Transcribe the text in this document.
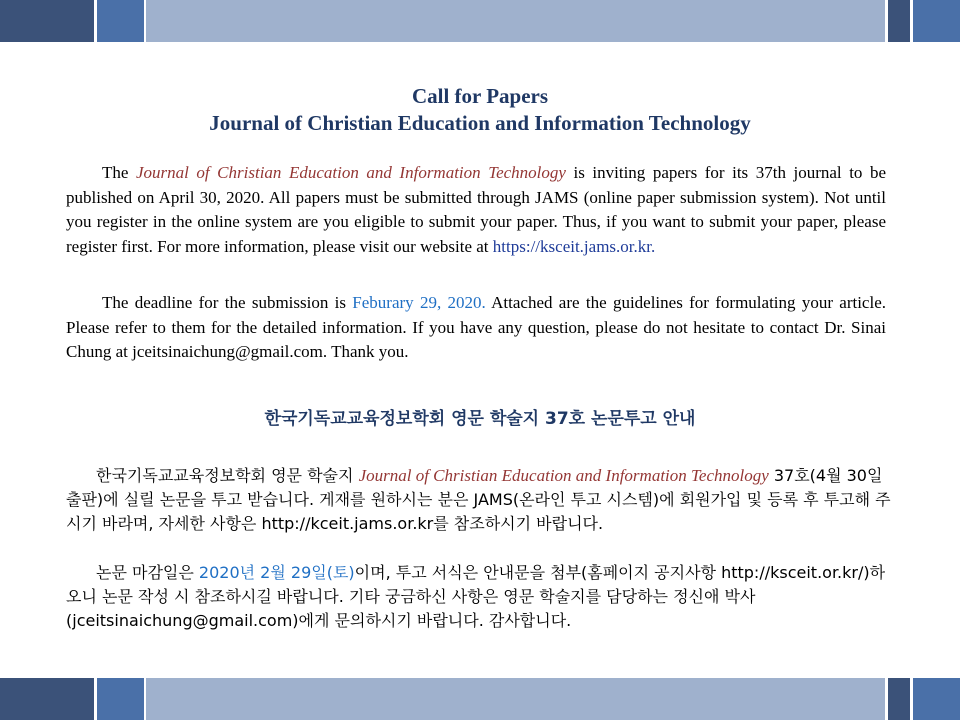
Call for Papers
Journal of Christian Education and Information Technology
The Journal of Christian Education and Information Technology is inviting papers for its 37th journal to be published on April 30, 2020. All papers must be submitted through JAMS (online paper submission system). Not until you register in the online system are you eligible to submit your paper. Thus, if you want to submit your paper, please register first. For more information, please visit our website at https://ksceit.jams.or.kr.
The deadline for the submission is Feburary 29, 2020. Attached are the guidelines for formulating your article. Please refer to them for the detailed information. If you have any question, please do not hesitate to contact Dr. Sinai Chung at jceitsinaichung@gmail.com. Thank you.
한국기독교교육정보학회 영문 학술지 37호 논문투고 안내
한국기독교교육정보학회 영문 학술지 Journal of Christian Education and Information Technology 37호(4월 30일 출판)에 실릴 논문을 투고 받습니다. 게재를 원하시는 분은 JAMS(온라인 투고 시스템)에 회원가입 및 등록 후 투고해 주시기 바라며, 자세한 사항은 http://kceit.jams.or.kr를 참조하시기 바랍니다.
논문 마감일은 2020년 2월 29일(토)이며, 투고 서식은 안내문을 첨부(홈페이지 공지사항 http://ksceit.or.kr/)하오니 논문 작성 시 참조하시길 바랍니다. 기타 궁금하신 사항은 영문 학술지를 담당하는 정신애 박사(jceitsinaichung@gmail.com)에게 문의하시기 바랍니다. 감사합니다.
